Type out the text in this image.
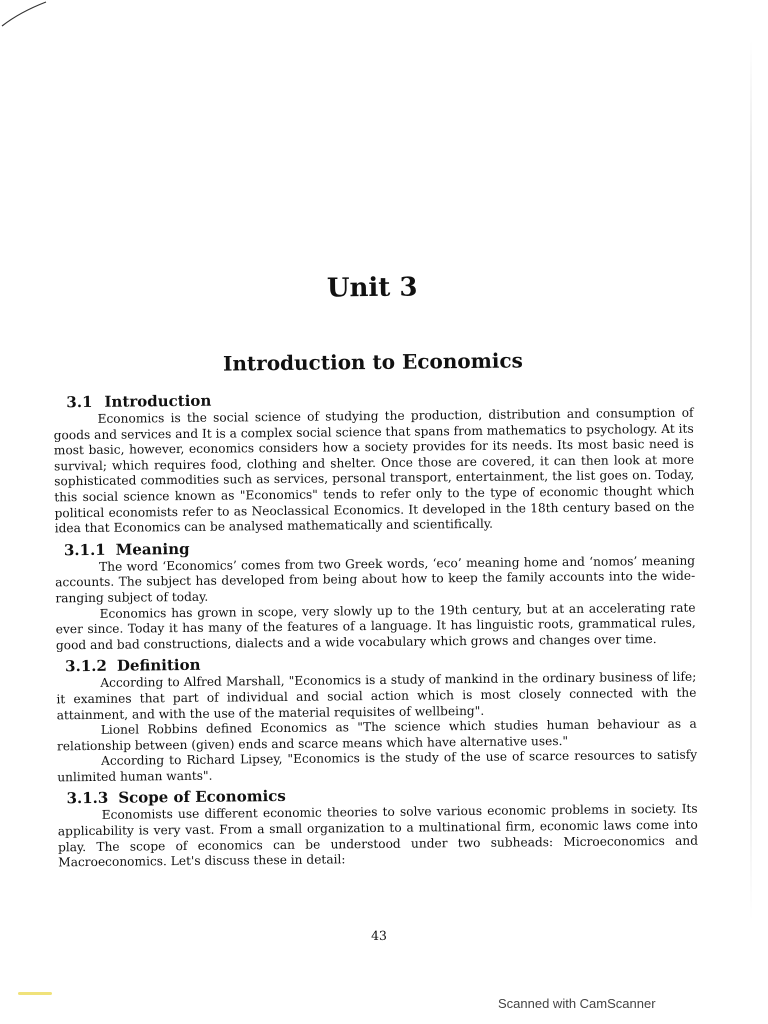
Unit 3
Introduction to Economics
3.1 Introduction

Economics is the social science of studying the production, distribution and consumption of goods and services and It is a complex social science that spans from mathematics to psychology. At its most basic, however, economics considers how a society provides for its needs. Its most basic need is survival; which requires food, clothing and shelter. Once those are covered, it can then look at more sophisticated commodities such as services, personal transport, entertainment, the list goes on. Today, this social science known as "Economics" tends to refer only to the type of economic thought which political economists refer to as Neoclassical Economics. It developed in the 18th century based on the idea that Economics can be analysed mathematically and scientifically.

3.1.1 Meaning

The word ‘Economics’ comes from two Greek words, ‘eco’ meaning home and ‘nomos’ meaning accounts. The subject has developed from being about how to keep the family accounts into the wide-ranging subject of today.

Economics has grown in scope, very slowly up to the 19th century, but at an accelerating rate ever since. Today it has many of the features of a language. It has linguistic roots, grammatical rules, good and bad constructions, dialects and a wide vocabulary which grows and changes over time.

3.1.2 Definition

According to Alfred Marshall, "Economics is a study of mankind in the ordinary business of life; it examines that part of individual and social action which is most closely connected with the attainment, and with the use of the material requisites of wellbeing".

Lionel Robbins defined Economics as "The science which studies human behaviour as a relationship between (given) ends and scarce means which have alternative uses."

According to Richard Lipsey, "Economics is the study of the use of scarce resources to satisfy unlimited human wants".

3.1.3 Scope of Economics

Economists use different economic theories to solve various economic problems in society. Its applicability is very vast. From a small organization to a multinational firm, economic laws come into play. The scope of economics can be understood under two subheads: Microeconomics and Macroeconomics. Let's discuss these in detail:

43
Scanned with CamScanner
